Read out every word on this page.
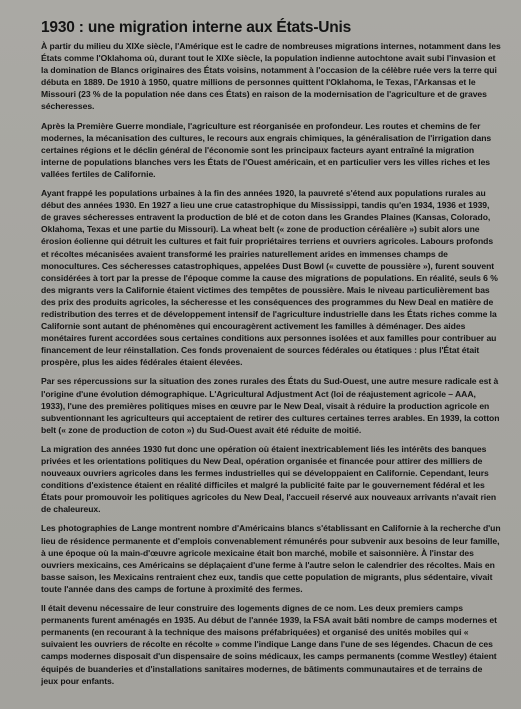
1930 : une migration interne aux États-Unis

À partir du milieu du XIXe siècle, l'Amérique est le cadre de nombreuses migrations internes, notamment dans les États comme l'Oklahoma où, durant tout le XIXe siècle, la population indienne autochtone avait subi l'invasion et la domination de Blancs originaires des États voisins, notamment à l'occasion de la célèbre ruée vers la terre qui débuta en 1889. De 1910 à 1950, quatre millions de personnes quittent l'Oklahoma, le Texas, l'Arkansas et le Missouri (23 % de la population née dans ces États) en raison de la modernisation de l'agriculture et de graves sécheresses.

Après la Première Guerre mondiale, l'agriculture est réorganisée en profondeur. Les routes et chemins de fer modernes, la mécanisation des cultures, le recours aux engrais chimiques, la généralisation de l'irrigation dans certaines régions et le déclin général de l'économie sont les principaux facteurs ayant entraîné la migration interne de populations blanches vers les États de l'Ouest américain, et en particulier vers les villes riches et les vallées fertiles de Californie.

Ayant frappé les populations urbaines à la fin des années 1920, la pauvreté s'étend aux populations rurales au début des années 1930. En 1927 a lieu une crue catastrophique du Mississippi, tandis qu'en 1934, 1936 et 1939, de graves sécheresses entravent la production de blé et de coton dans les Grandes Plaines (Kansas, Colorado, Oklahoma, Texas et une partie du Missouri). La wheat belt (« zone de production céréalière ») subit alors une érosion éolienne qui détruit les cultures et fait fuir propriétaires terriens et ouvriers agricoles. Labours profonds et récoltes mécanisées avaient transformé les prairies naturellement arides en immenses champs de monocultures. Ces sécheresses catastrophiques, appelées Dust Bowl (« cuvette de poussière »), furent souvent considérées à tort par la presse de l'époque comme la cause des migrations de populations. En réalité, seuls 6 % des migrants vers la Californie étaient victimes des tempêtes de poussière. Mais le niveau particulièrement bas des prix des produits agricoles, la sécheresse et les conséquences des programmes du New Deal en matière de redistribution des terres et de développement intensif de l'agriculture industrielle dans les États riches comme la Californie sont autant de phénomènes qui encouragèrent activement les familles à déménager. Des aides monétaires furent accordées sous certaines conditions aux personnes isolées et aux familles pour contribuer au financement de leur réinstallation. Ces fonds provenaient de sources fédérales ou étatiques : plus l'État était prospère, plus les aides fédérales étaient élevées.

Par ses répercussions sur la situation des zones rurales des États du Sud-Ouest, une autre mesure radicale est à l'origine d'une évolution démographique. L'Agricultural Adjustment Act (loi de réajustement agricole – AAA, 1933), l'une des premières politiques mises en œuvre par le New Deal, visait à réduire la production agricole en subventionnant les agriculteurs qui acceptaient de retirer des cultures certaines terres arables. En 1939, la cotton belt (« zone de production de coton ») du Sud-Ouest avait été réduite de moitié.

La migration des années 1930 fut donc une opération où étaient inextricablement liés les intérêts des banques privées et les orientations politiques du New Deal, opération organisée et financée pour attirer des milliers de nouveaux ouvriers agricoles dans les fermes industrielles qui se développaient en Californie. Cependant, leurs conditions d'existence étaient en réalité difficiles et malgré la publicité faite par le gouvernement fédéral et les États pour promouvoir les politiques agricoles du New Deal, l'accueil réservé aux nouveaux arrivants n'avait rien de chaleureux.

Les photographies de Lange montrent nombre d'Américains blancs s'établissant en Californie à la recherche d'un lieu de résidence permanente et d'emplois convenablement rémunérés pour subvenir aux besoins de leur famille, à une époque où la main-d'œuvre agricole mexicaine était bon marché, mobile et saisonnière. À l'instar des ouvriers mexicains, ces Américains se déplaçaient d'une ferme à l'autre selon le calendrier des récoltes. Mais en basse saison, les Mexicains rentraient chez eux, tandis que cette population de migrants, plus sédentaire, vivait toute l'année dans des camps de fortune à proximité des fermes.

Il était devenu nécessaire de leur construire des logements dignes de ce nom. Les deux premiers camps permanents furent aménagés en 1935. Au début de l'année 1939, la FSA avait bâti nombre de camps modernes et permanents (en recourant à la technique des maisons préfabriquées) et organisé des unités mobiles qui « suivaient les ouvriers de récolte en récolte » comme l'indique Lange dans l'une de ses légendes. Chacun de ces camps modernes disposait d'un dispensaire de soins médicaux, les camps permanents (comme Westley) étaient équipés de buanderies et d'installations sanitaires modernes, de bâtiments communautaires et de terrains de jeux pour enfants.
